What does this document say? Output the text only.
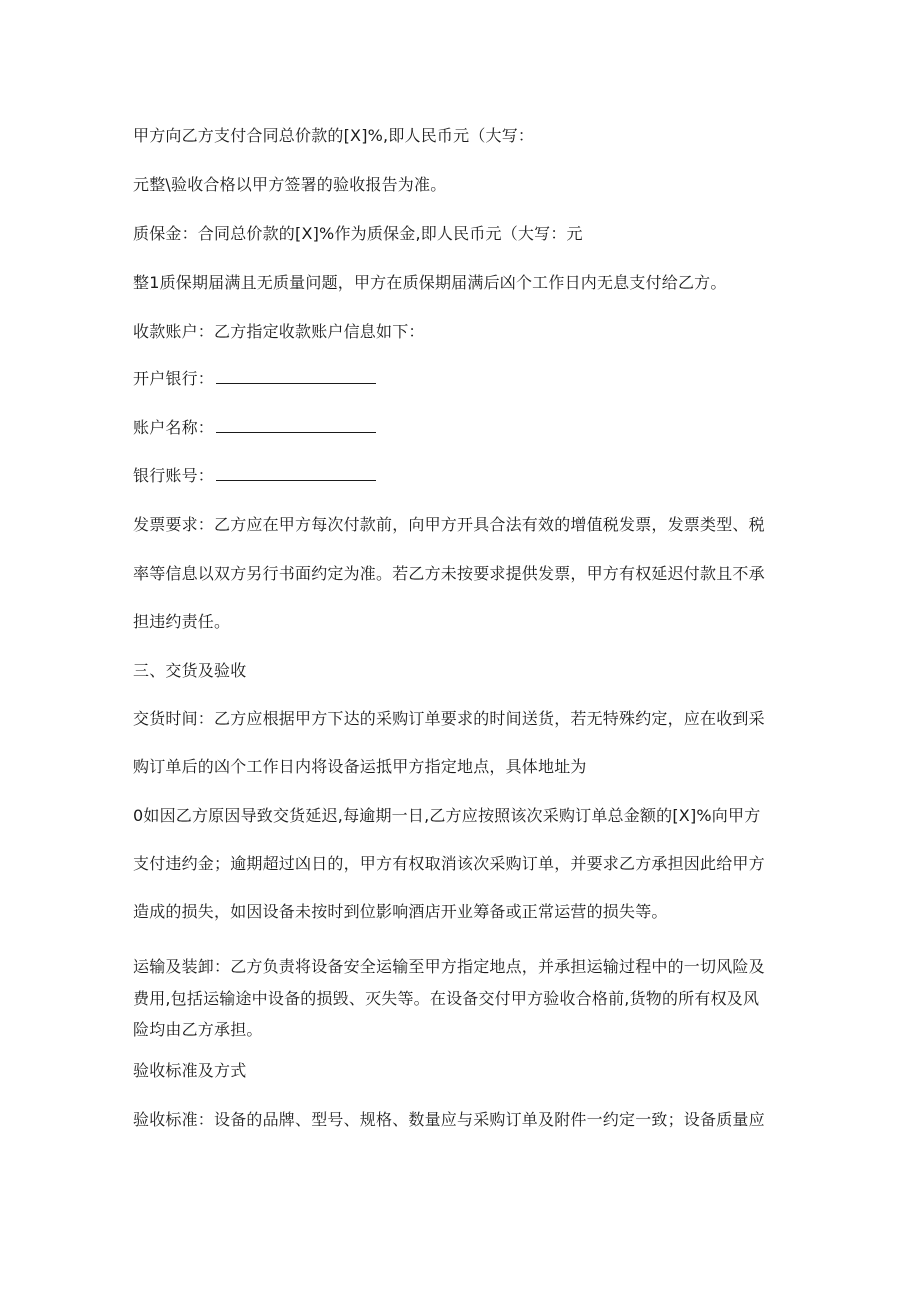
甲方向乙方支付合同总价款的[X]%,即人民币元（大写：
元整\验收合格以甲方签署的验收报告为准。
质保金：合同总价款的[X]%作为质保金,即人民币元（大写：元
整1质保期届满且无质量问题，甲方在质保期届满后凶个工作日内无息支付给乙方。
收款账户：乙方指定收款账户信息如下：
开户银行：
账户名称：
银行账号：
发票要求：乙方应在甲方每次付款前，向甲方开具合法有效的增值税发票，发票类型、税
率等信息以双方另行书面约定为准。若乙方未按要求提供发票，甲方有权延迟付款且不承
担违约责任。
三、交货及验收
交货时间：乙方应根据甲方下达的采购订单要求的时间送货，若无特殊约定，应在收到采
购订单后的凶个工作日内将设备运抵甲方指定地点，具体地址为
0如因乙方原因导致交货延迟,每逾期一日,乙方应按照该次采购订单总金额的[X]%向甲方
支付违约金；逾期超过凶日的，甲方有权取消该次采购订单，并要求乙方承担因此给甲方
造成的损失，如因设备未按时到位影响酒店开业筹备或正常运营的损失等。
运输及装卸：乙方负责将设备安全运输至甲方指定地点，并承担运输过程中的一切风险及
费用,包括运输途中设备的损毁、灭失等。在设备交付甲方验收合格前,货物的所有权及风
险均由乙方承担。
验收标准及方式
验收标准：设备的品牌、型号、规格、数量应与采购订单及附件一约定一致；设备质量应
